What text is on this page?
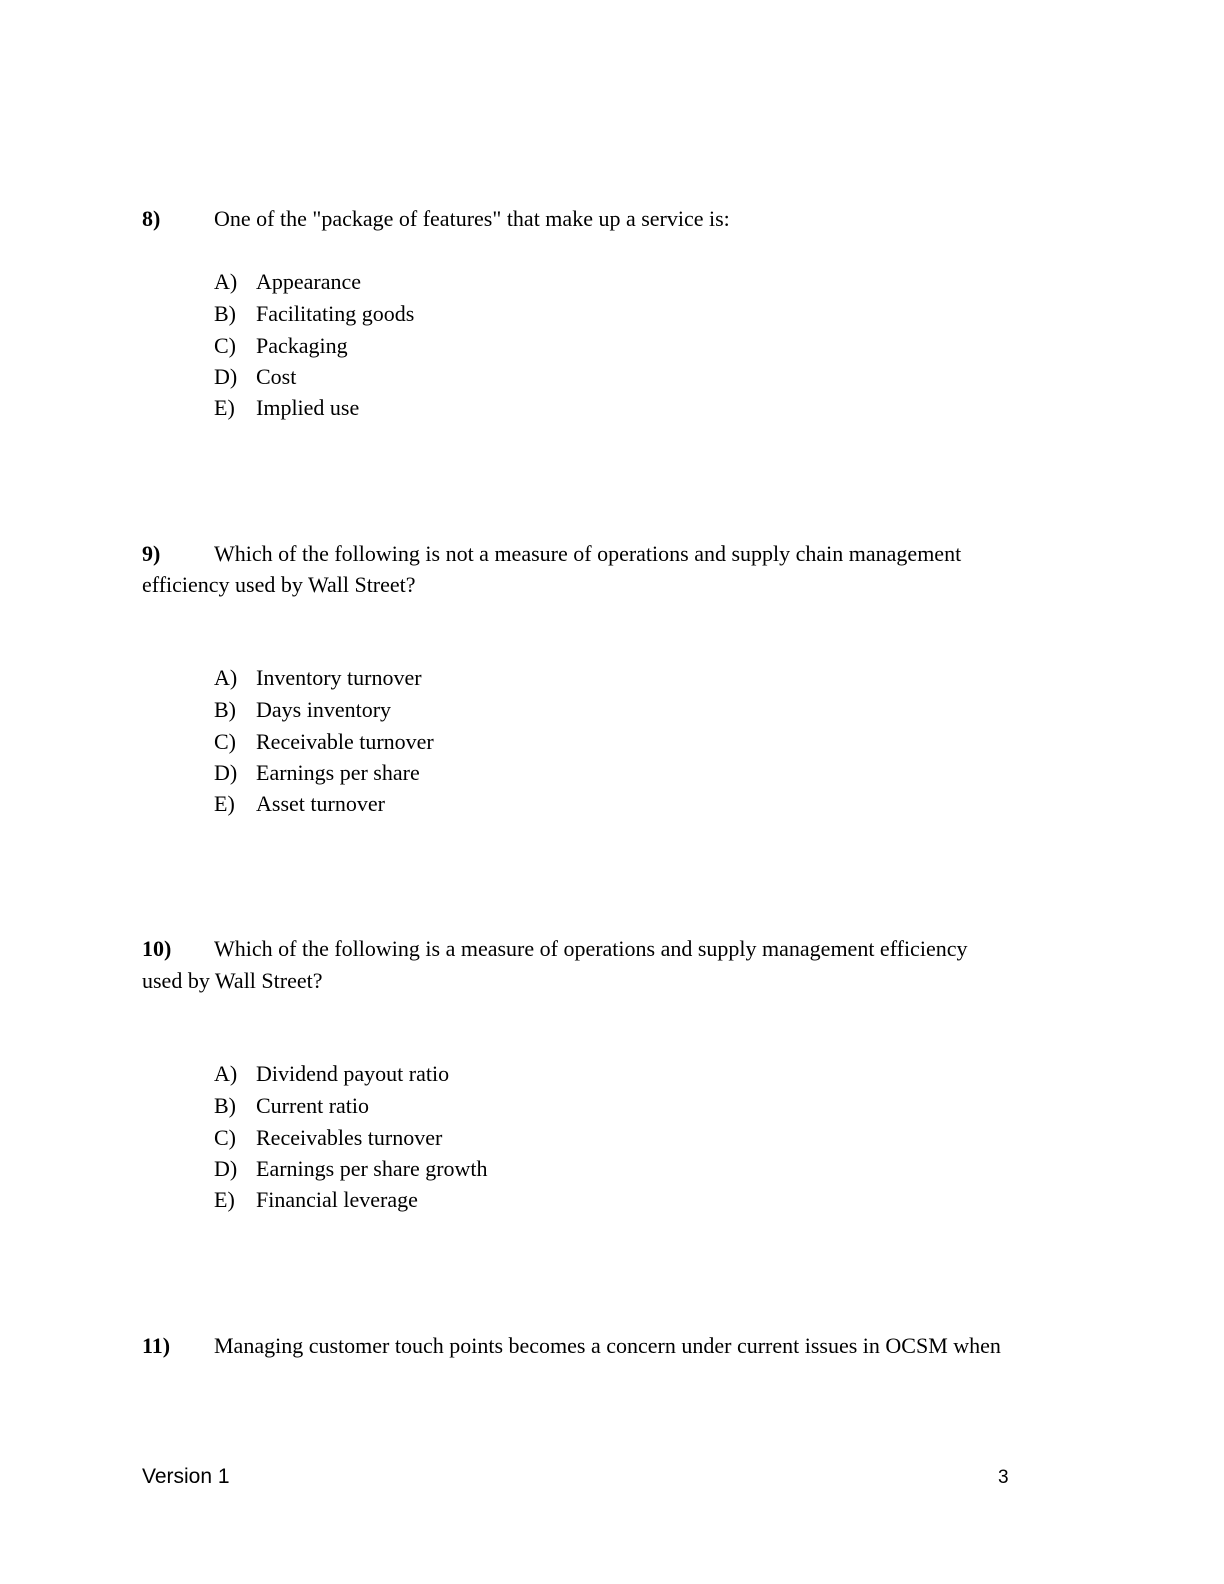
8) One of the "package of features" that make up a service is:
A) Appearance
B) Facilitating goods
C) Packaging
D) Cost
E) Implied use
9) Which of the following is not a measure of operations and supply chain management
efficiency used by Wall Street?
A) Inventory turnover
B) Days inventory
C) Receivable turnover
D) Earnings per share
E) Asset turnover
10) Which of the following is a measure of operations and supply management efficiency
used by Wall Street?
A) Dividend payout ratio
B) Current ratio
C) Receivables turnover
D) Earnings per share growth
E) Financial leverage
11) Managing customer touch points becomes a concern under current issues in OCSM when
Version 1	3
